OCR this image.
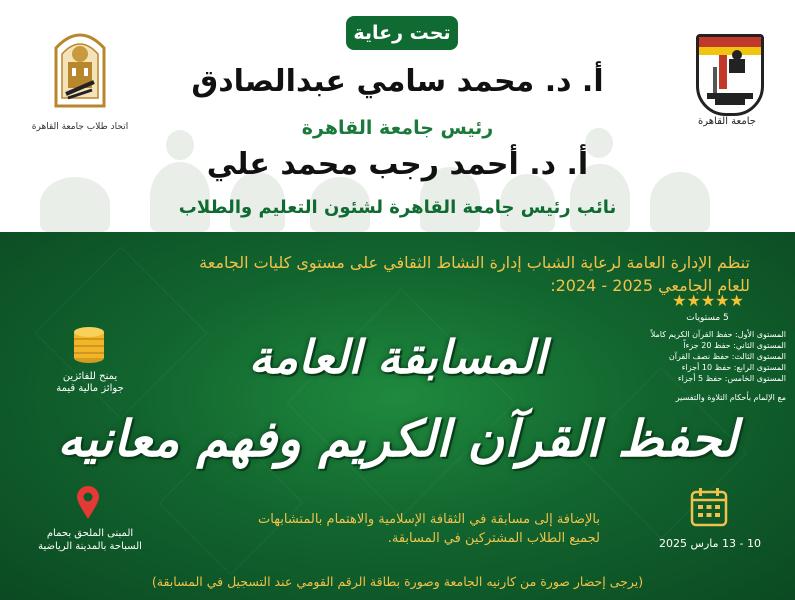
تحت رعاية
أ. د. محمد سامي عبدالصادق
رئيس جامعة القاهرة
أ. د. أحمد رجب محمد علي
نائب رئيس جامعة القاهرة لشئون التعليم والطلاب
جامعة القاهرة
اتحاد طلاب جامعة القاهرة
تنظم الإدارة العامة لرعاية الشباب إدارة النشاط الثقافي على مستوى كليات الجامعة
للعام الجامعي 2025 - 2024:
المسابقة العامة
لحفظ القرآن الكريم وفهم معانيه
★★★★★
5 مستويات
المستوى الأول: حفظ القرآن الكريم كاملاً
المستوى الثاني: حفظ 20 جزءاً
المستوى الثالث: حفظ نصف القرآن
المستوى الرابع: حفظ 10 أجزاء
المستوى الخامس: حفظ 5 أجزاء
مع الإلمام بأحكام التلاوة والتفسير
يمنح للفائزين
جوائز مالية قيمة
المبنى الملحق بحمام
السباحة بالمدينة الرياضية	10 - 13 مارس 2025
بالإضافة إلى مسابقة في الثقافة الإسلامية والاهتمام بالمتشابهات
لجميع الطلاب المشتركين في المسابقة.
(يرجى إحضار صورة من كارنيه الجامعة وصورة بطاقة الرقم القومي عند التسجيل في المسابقة)
